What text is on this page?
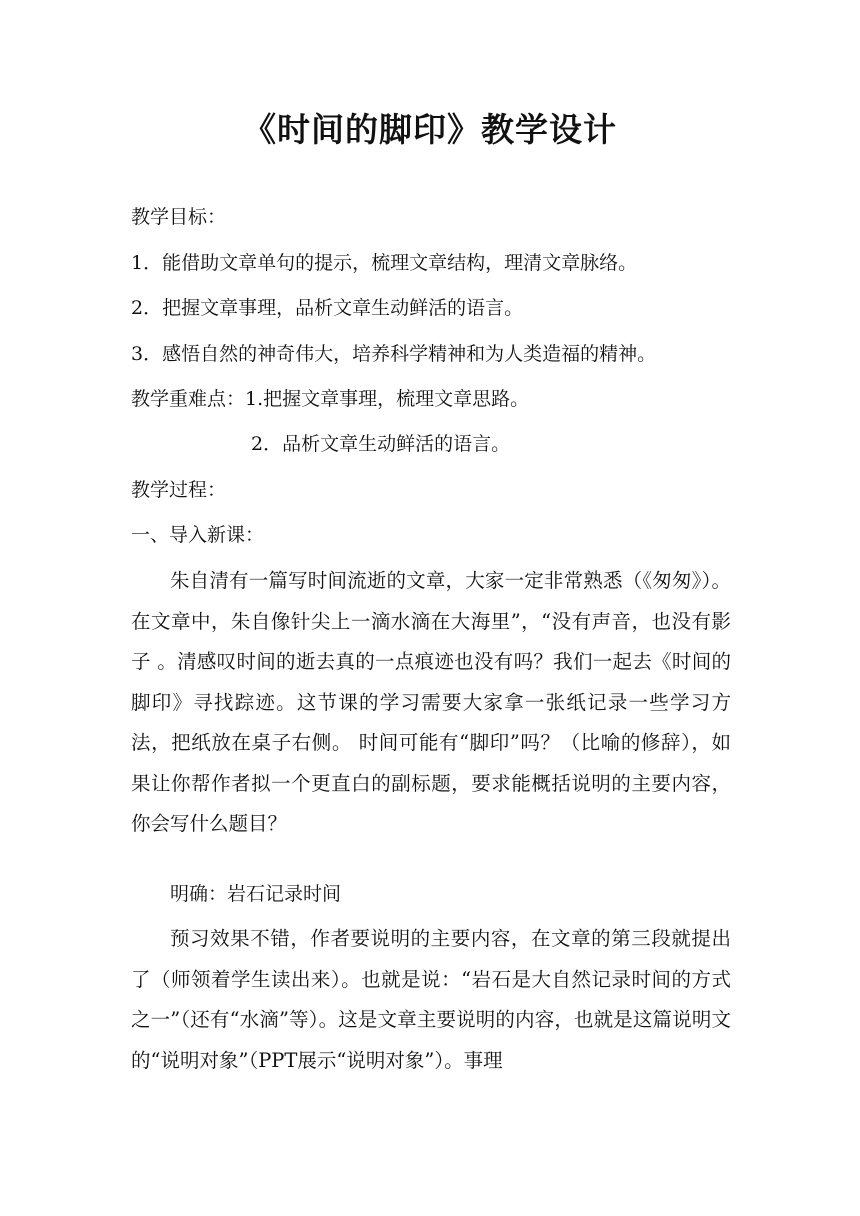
《时间的脚印》教学设计
教学目标：
1．能借助文章单句的提示，梳理文章结构，理清文章脉络。
2．把握文章事理，品析文章生动鲜活的语言。
3．感悟自然的神奇伟大，培养科学精神和为人类造福的精神。
教学重难点：1.把握文章事理，梳理文章思路。
2．品析文章生动鲜活的语言。
教学过程：
一、导入新课：
朱自清有一篇写时间流逝的文章，大家一定非常熟悉（《匆匆》）。在文章中，朱自像针尖上一滴水滴在大海里”，“没有声音，也没有影子 。清感叹时间的逝去真的一点痕迹也没有吗？我们一起去《时间的脚印》寻找踪迹。这节课的学习需要大家拿一张纸记录一些学习方法，把纸放在桌子右侧。 时间可能有“脚印”吗？（比喻的修辞），如果让你帮作者拟一个更直白的副标题，要求能概括说明的主要内容，你会写什么题目？
明确：岩石记录时间
预习效果不错，作者要说明的主要内容，在文章的第三段就提出了（师领着学生读出来）。也就是说：“岩石是大自然记录时间的方式之一”（还有“水滴”等）。这是文章主要说明的内容，也就是这篇说明文的“说明对象”（PPT展示“说明对象”）。事理
